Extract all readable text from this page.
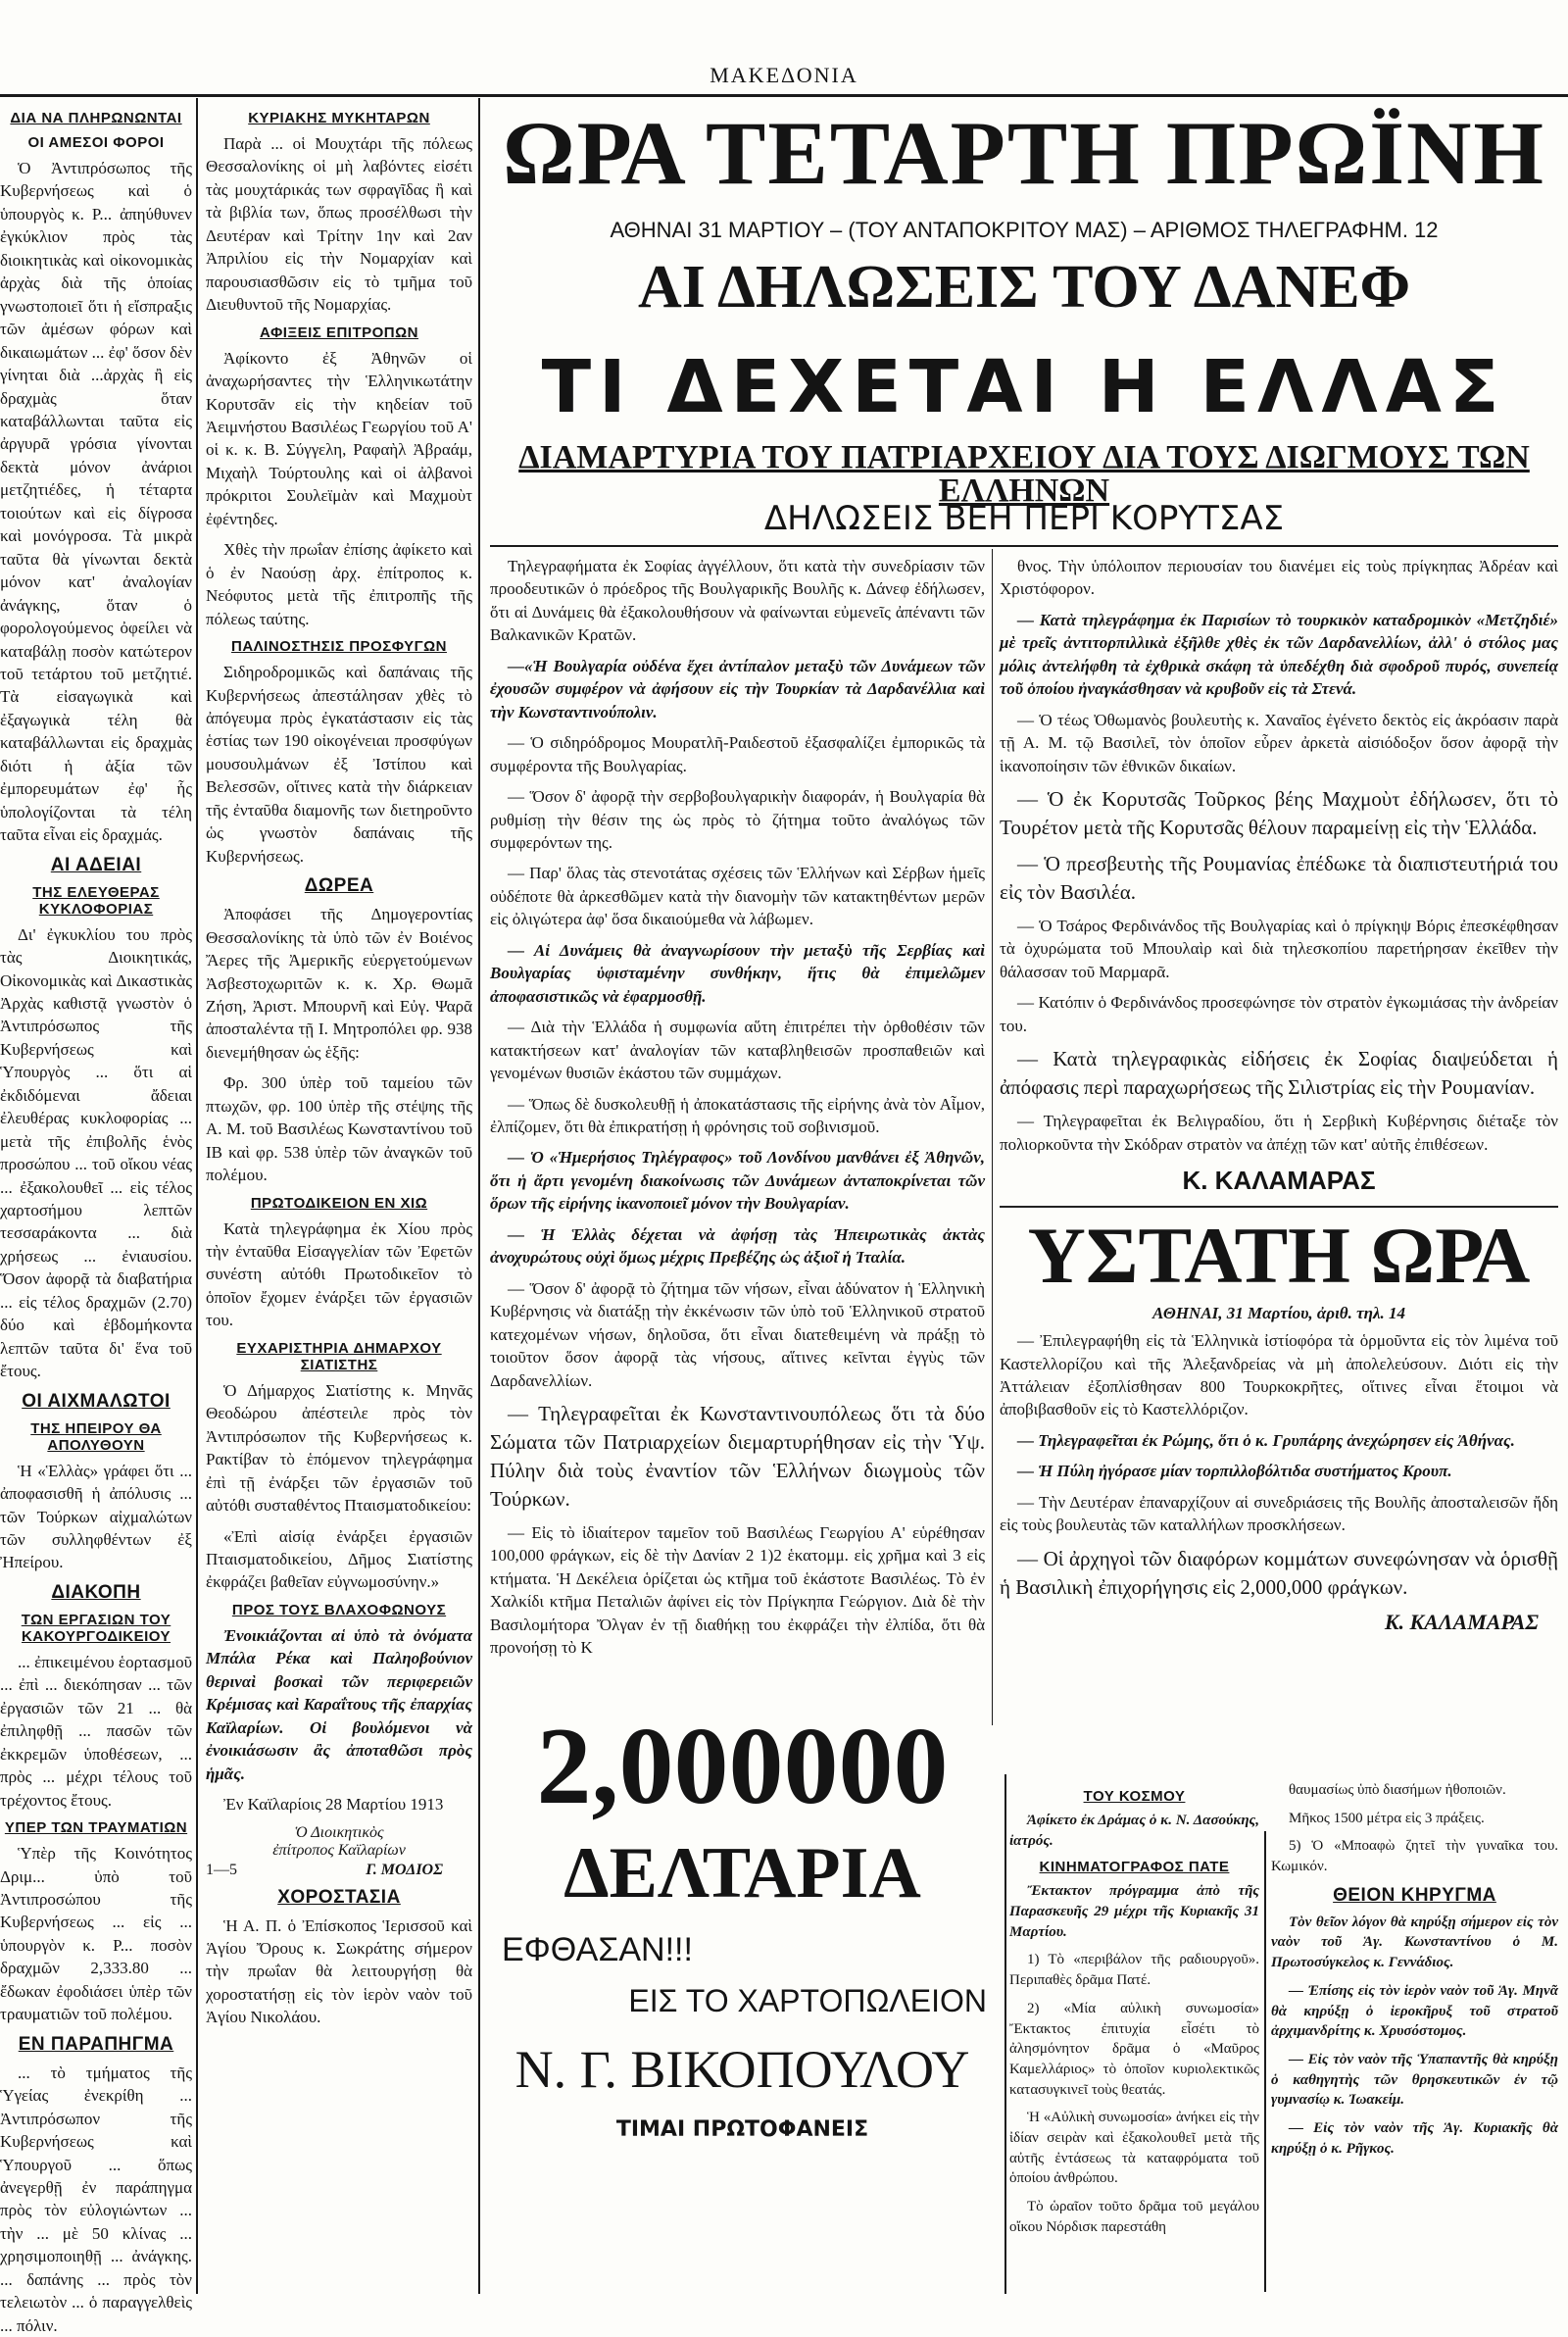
ΜΑΚΕΔΟΝΙΑ
ΔΙΑ ΝΑ ΠΛΗΡΩΝΩΝΤΑΙ
ΟΙ ΑΜΕΣΟΙ ΦΟΡΟΙ

Ὁ Ἀντιπρόσωπος τῆς Κυβερνήσεως καὶ ὁ ὑπουργὸς κ. Ρ... ἀπηύθυνεν ἐγκύκλιον πρὸς τὰς διοικητικὰς καὶ οἰκονομικὰς ἀρχὰς διὰ τῆς ὁποίας γνωστοποιεῖ ὅτι ἡ εἴσπραξις τῶν ἀμέσων φόρων καὶ δικαιωμάτων ... ἐφ' ὅσον δὲν γίνηται διὰ ...ἀρχὰς ἢ εἰς δραχμὰς ὅταν καταβάλλωνται ταῦτα εἰς ἀργυρᾶ γρόσια γίνονται δεκτὰ μόνον ἀνάριοι μετζητιέδες, ἡ τέταρτα τοιούτων καὶ εἰς δίγροσα καὶ μονόγροσα. Τὰ μικρὰ ταῦτα θὰ γίνωνται δεκτὰ μόνον κατ' ἀναλογίαν ἀνάγκης, ὅταν ὁ φορολογούμενος ὀφείλει νὰ καταβάλῃ ποσὸν κατώτερον τοῦ τετάρτου τοῦ μετζητιέ. Τὰ εἰσαγωγικὰ καὶ ἐξαγωγικὰ τέλη θὰ καταβάλλωνται εἰς δραχμὰς διότι ἡ ἀξία τῶν ἐμπορευμάτων ἐφ' ἧς ὑπολογίζονται τὰ τέλη ταῦτα εἶναι εἰς δραχμάς.

ΑΙ ΑΔΕΙΑΙ
ΤΗΣ ΕΛΕΥΘΕΡΑΣ ΚΥΚΛΟΦΟΡΙΑΣ

Δι' ἐγκυκλίου του πρὸς τὰς Διοικητικάς, Οἰκονομικὰς καὶ Δικαστικὰς Ἀρχὰς καθιστᾷ γνωστὸν ὁ Ἀντιπρόσωπος τῆς Κυβερνήσεως καὶ Ὑπουργὸς ... ὅτι αἱ ἐκδιδόμεναι ἄδειαι ἐλευθέρας κυκλοφορίας ... μετὰ τῆς ἐπιβολῆς ἑνὸς προσώπου ... τοῦ οἴκου νέας ... ἐξακολουθεῖ ... εἰς τέλος χαρτοσήμου λεπτῶν τεσσαράκοντα ... διὰ χρήσεως ... ἐνιαυσίου. Ὅσον ἀφορᾷ τὰ διαβατήρια ... εἰς τέλος δραχμῶν (2.70) δύο καὶ ἑβδομήκοντα λεπτῶν ταῦτα δι' ἕνα τοῦ ἔτους.

ΟΙ ΑΙΧΜΑΛΩΤΟΙ
ΤΗΣ ΗΠΕΙΡΟΥ ΘΑ ΑΠΟΛΥΘΟΥΝ

Ἡ «Ἑλλὰς» γράφει ὅτι ... ἀποφασισθῆ ἡ ἀπόλυσις ... τῶν Τούρκων αἰχμαλώτων τῶν συλληφθέντων ἐξ Ἠπείρου.

ΔΙΑΚΟΠΗ
ΤΩΝ ΕΡΓΑΣΙΩΝ ΤΟΥ ΚΑΚΟΥΡΓΟΔΙΚΕΙΟΥ

... ἐπικειμένου ἑορτασμοῦ ... ἐπὶ ... διεκόπησαν ... τῶν ἐργασιῶν τῶν 21 ... θὰ ἐπιληφθῇ ... πασῶν τῶν ἐκκρεμῶν ὑποθέσεων, ... πρὸς ... μέχρι τέλους τοῦ τρέχοντος ἔτους.

ΥΠΕΡ ΤΩΝ ΤΡΑΥΜΑΤΙΩΝ

Ὑπὲρ τῆς Κοινότητος Δριμ... ὑπὸ τοῦ Ἀντιπροσώπου τῆς Κυβερνήσεως ... εἰς ... ὑπουργὸν κ. Ρ... ποσὸν δραχμῶν 2,333.80 ... ἔδωκαν ἐφοδιάσει ὑπὲρ τῶν τραυματιῶν τοῦ πολέμου.

ΕΝ ΠΑΡΑΠΗΓΜΑ

... τὸ τμήματος τῆς Ὑγείας ἐνεκρίθη ... Ἀντιπρόσωπον τῆς Κυβερνήσεως καὶ Ὑπουργοῦ ... ὅπως ἀνεγερθῇ ἐν παράπηγμα πρὸς τὸν εὐλογιώντων ... τὴν ... μὲ 50 κλίνας ... χρησιμοποιηθῇ ... ἀνάγκης. ... δαπάνης ... πρὸς τὸν τελειωτὸν ... ὁ παραγγελθεὶς ... πόλιν.

ΚΥΡΙΑΚΗΣ ΜΥΚΗΤΑΡΩΝ

Παρὰ ... οἱ Μουχτάρι τῆς πόλεως Θεσσαλονίκης οἱ μὴ λαβόντες εἰσέτι τὰς μουχτάρικάς των σφραγῖδας ἢ καὶ τὰ βιβλία των, ὅπως προσέλθωσι τὴν Δευτέραν καὶ Τρίτην 1ην καὶ 2αν Ἀπριλίου εἰς τὴν Νομαρχίαν καὶ παρουσιασθῶσιν εἰς τὸ τμῆμα τοῦ Διευθυντοῦ τῆς Νομαρχίας.

ΑΦΙΞΕΙΣ ΕΠΙΤΡΟΠΩΝ

Ἀφίκοντο ἐξ Ἀθηνῶν οἱ ἀναχωρήσαντες τὴν Ἑλληνικωτάτην Κορυτσᾶν εἰς τὴν κηδείαν τοῦ Ἀειμνήστου Βασιλέως Γεωργίου τοῦ Α' οἱ κ. κ. Β. Σύγγελη, Ραφαὴλ Ἀβραάμ, Μιχαὴλ Τούρτουλης καὶ οἱ ἀλβανοὶ πρόκριτοι Σουλεϊμὰν καὶ Μαχμοὺτ ἐφέντηδες.

Χθὲς τὴν πρωΐαν ἐπίσης ἀφίκετο καὶ ὁ ἐν Ναούσῃ ἀρχ. ἐπίτροπος κ. Νεόφυτος μετὰ τῆς ἐπιτροπῆς τῆς πόλεως ταύτης.

ΠΑΛΙΝΟΣΤΗΣΙΣ ΠΡΟΣΦΥΓΩΝ

Σιδηροδρομικῶς καὶ δαπάναις τῆς Κυβερνήσεως ἀπεστάλησαν χθὲς τὸ ἀπόγευμα πρὸς ἐγκατάστασιν εἰς τὰς ἑστίας των 190 οἰκογένειαι προσφύγων μουσουλμάνων ἐξ Ἰστίπου καὶ Βελεσσῶν, οἵτινες κατὰ τὴν διάρκειαν τῆς ἐνταῦθα διαμονῆς των διετηροῦντο ὡς γνωστὸν δαπάναις τῆς Κυβερνήσεως.

ΔΩΡΕΑ

Ἀποφάσει τῆς Δημογεροντίας Θεσσαλονίκης τὰ ὑπὸ τῶν ἐν Βοιένος Ἄερες τῆς Ἀμερικῆς εὐεργετούμενων Ἀσβεστοχωριτῶν κ. κ. Χρ. Θωμᾶ Ζήση, Ἀριστ. Μπουρνῆ καὶ Εὐγ. Ψαρᾶ ἀποσταλέντα τῇ Ι. Μητροπόλει φρ. 938 διενεμήθησαν ὡς ἑξῆς:

Φρ. 300 ὑπὲρ τοῦ ταμείου τῶν πτωχῶν, φρ. 100 ὑπὲρ τῆς στέψης τῆς Α. Μ. τοῦ Βασιλέως Κωνσταντίνου τοῦ ΙΒ καὶ φρ. 538 ὑπὲρ τῶν ἀναγκῶν τοῦ πολέμου.

ΠΡΩΤΟΔΙΚΕΙΟΝ ΕΝ ΧΙΩ

Κατὰ τηλεγράφημα ἐκ Χίου πρὸς τὴν ἐνταῦθα Εἰσαγγελίαν τῶν Ἐφετῶν συνέστη αὐτόθι Πρωτοδικεῖον τὸ ὁποῖον ἔχομεν ἐνάρξει τῶν ἐργασιῶν του.

ΕΥΧΑΡΙΣΤΗΡΙΑ ΔΗΜΑΡΧΟΥ ΣΙΑΤΙΣΤΗΣ

Ὁ Δήμαρχος Σιατίστης κ. Μηνᾶς Θεοδώρου ἀπέστειλε πρὸς τὸν Ἀντιπρόσωπον τῆς Κυβερνήσεως κ. Ρακτίβαν τὸ ἑπόμενον τηλεγράφημα ἐπὶ τῇ ἐνάρξει τῶν ἐργασιῶν τοῦ αὐτόθι συσταθέντος Πταισματοδικείου:

«Ἐπὶ αἰσίᾳ ἐνάρξει ἐργασιῶν Πταισματοδικείου, Δῆμος Σιατίστης ἐκφράζει βαθεῖαν εὐγνωμοσύνην.»

ΠΡΟΣ ΤΟΥΣ ΒΛΑΧΟΦΩΝΟΥΣ

Ἐνοικιάζονται αἱ ὑπὸ τὰ ὀνόματα Μπάλα Ρέκα καὶ Παληοβούνιον θεριναὶ βοσκαὶ τῶν περιφερειῶν Κρέμισας καὶ Καραΐτους τῆς ἐπαρχίας Καϊλαρίων. Οἱ βουλόμενοι νὰ ἐνοικιάσωσιν ἂς ἀποταθῶσι πρὸς ἡμᾶς.

Ἐν Καϊλαρίοις 28 Μαρτίου 1913

Ὁ Διοικητικὸς
ἐπίτροπος Καϊλαρίων
1—5	Γ. ΜΟΔΙΟΣ
ΧΟΡΟΣΤΑΣΙΑ

Ἡ Α. Π. ὁ Ἐπίσκοπος Ἱερισσοῦ καὶ Ἁγίου Ὄρους κ. Σωκράτης σήμερον τὴν πρωΐαν θὰ λειτουργήσῃ θὰ χοροστατήσῃ εἰς τὸν ἱερὸν ναὸν τοῦ Ἁγίου Νικολάου.

ΩΡΑ ΤΕΤΑΡΤΗ ΠΡΩΪΝΗ
ΑΘΗΝΑΙ 31 ΜΑΡΤΙΟΥ – (ΤΟΥ ΑΝΤΑΠΟΚΡΙΤΟΥ ΜΑΣ) – ΑΡΙΘΜΟΣ ΤΗΛΕΓΡΑΦΗΜ. 12
ΑΙ ΔΗΛΩΣΕΙΣ ΤΟΥ ΔΑΝΕΦ
ΤΙ ΔΕΧΕΤΑΙ Η ΕΛΛΑΣ
ΔΙΑΜΑΡΤΥΡΙΑ ΤΟΥ ΠΑΤΡΙΑΡΧΕΙΟΥ ΔΙΑ ΤΟΥΣ ΔΙΩΓΜΟΥΣ ΤΩΝ ΕΛΛΗΝΩΝ
ΔΗΛΩΣΕΙΣ ΒΕΗ ΠΕΡΙ ΚΟΡΥΤΣΑΣ

Τηλεγραφήματα ἐκ Σοφίας ἀγγέλλουν, ὅτι κατὰ τὴν συνεδρίασιν τῶν προοδευτικῶν ὁ πρόεδρος τῆς Βουλγαρικῆς Βουλῆς κ. Δάνεφ ἐδήλωσεν, ὅτι αἱ Δυνάμεις θὰ ἐξακολουθήσουν νὰ φαίνωνται εὐμενεῖς ἀπέναντι τῶν Βαλκανικῶν Κρατῶν.

—«Ἡ Βουλγαρία οὐδένα ἔχει ἀντίπαλον μεταξὺ τῶν Δυνάμεων τῶν ἐχουσῶν συμφέρον νὰ ἀφήσουν εἰς τὴν Τουρκίαν τὰ Δαρδανέλλια καὶ τὴν Κωνσταντινούπολιν.

— Ὁ σιδηρόδρομος Μουρατλῆ-Ραιδεστοῦ ἐξασφαλίζει ἐμπορικῶς τὰ συμφέροντα τῆς Βουλγαρίας.

— Ὅσον δ' ἀφορᾷ τὴν σερβοβουλγαρικὴν διαφοράν, ἡ Βουλγαρία θὰ ρυθμίσῃ τὴν θέσιν της ὡς πρὸς τὸ ζήτημα τοῦτο ἀναλόγως τῶν συμφερόντων της.

— Παρ' ὅλας τὰς στενοτάτας σχέσεις τῶν Ἑλλήνων καὶ Σέρβων ἡμεῖς οὐδέποτε θὰ ἀρκεσθῶμεν κατὰ τὴν διανομὴν τῶν κατακτηθέντων μερῶν εἰς ὀλιγώτερα ἀφ' ὅσα δικαιούμεθα νὰ λάβωμεν.

— Αἱ Δυνάμεις θὰ ἀναγνωρίσουν τὴν μεταξὺ τῆς Σερβίας καὶ Βουλγαρίας ὑφισταμένην συνθήκην, ἥτις θὰ ἐπιμελῶμεν ἀποφασιστικῶς νὰ ἐφαρμοσθῇ.

— Διὰ τὴν Ἑλλάδα ἡ συμφωνία αὕτη ἐπιτρέπει τὴν ὀρθοθέσιν τῶν κατακτήσεων κατ' ἀναλογίαν τῶν καταβληθεισῶν προσπαθειῶν καὶ γενομένων θυσιῶν ἑκάστου τῶν συμμάχων.

— Ὅπως δὲ δυσκολευθῇ ἡ ἀποκατάστασις τῆς εἰρήνης ἀνὰ τὸν Αἶμον, ἐλπίζομεν, ὅτι θὰ ἐπικρατήσῃ ἡ φρόνησις τοῦ σοβινισμοῦ.

— Ὁ «Ἡμερήσιος Τηλέγραφος» τοῦ Λονδίνου μανθάνει ἐξ Ἀθηνῶν, ὅτι ἡ ἄρτι γενομένη διακοίνωσις τῶν Δυνάμεων ἀνταποκρίνεται τῶν ὅρων τῆς εἰρήνης ἱκανοποιεῖ μόνον τὴν Βουλγαρίαν.

— Ἡ Ἑλλὰς δέχεται νὰ ἀφήσῃ τὰς Ἠπειρωτικὰς ἀκτὰς ἀνοχυρώτους οὐχὶ ὅμως μέχρις Πρεβέζης ὡς ἀξιοῖ ἡ Ἰταλία.

— Ὅσον δ' ἀφορᾷ τὸ ζήτημα τῶν νήσων, εἶναι ἀδύνατον ἡ Ἑλληνικὴ Κυβέρνησις νὰ διατάξῃ τὴν ἐκκένωσιν τῶν ὑπὸ τοῦ Ἑλληνικοῦ στρατοῦ κατεχομένων νήσων, δηλοῦσα, ὅτι εἶναι διατεθειμένη νὰ πράξῃ τὸ τοιοῦτον ὅσον ἀφορᾷ τὰς νήσους, αἵτινες κεῖνται ἐγγὺς τῶν Δαρδανελλίων.

— Τηλεγραφεῖται ἐκ Κωνσταντινουπόλεως ὅτι τὰ δύο Σώματα τῶν Πατριαρχείων διεμαρτυρήθησαν εἰς τὴν Ὑψ. Πύλην διὰ τοὺς ἐναντίον τῶν Ἑλλήνων διωγμοὺς τῶν Τούρκων.

— Εἰς τὸ ἰδιαίτερον ταμεῖον τοῦ Βασιλέως Γεωργίου Α' εὑρέθησαν 100,000 φράγκων, εἰς δὲ τὴν Δανίαν 2 1)2 ἑκατομμ. εἰς χρῆμα καὶ 3 εἰς κτήματα. Ἡ Δεκέλεια ὁρίζεται ὡς κτῆμα τοῦ ἑκάστοτε Βασιλέως. Τὸ ἐν Χαλκίδι κτῆμα Πεταλιῶν ἀφίνει εἰς τὸν Πρίγκηπα Γεώργιον. Διὰ δὲ τὴν Βασιλομήτορα Ὄλγαν ἐν τῇ διαθήκῃ του ἐκφράζει τὴν ἐλπίδα, ὅτι θὰ προνοήσῃ τὸ Κ

θνος. Τὴν ὑπόλοιπον περιουσίαν του διανέμει εἰς τοὺς πρίγκηπας Ἀδρέαν καὶ Χριστόφορον.

— Κατὰ τηλεγράφημα ἐκ Παρισίων τὸ τουρκικὸν καταδρομικὸν «Μετζηδιέ» μὲ τρεῖς ἀντιτορπιλλικὰ ἐξῆλθε χθὲς ἐκ τῶν Δαρδανελλίων, ἀλλ' ὁ στόλος μας μόλις ἀντελήφθη τὰ ἐχθρικὰ σκάφη τὰ ὑπεδέχθη διὰ σφοδροῦ πυρός, συνεπείᾳ τοῦ ὁποίου ἠναγκάσθησαν νὰ κρυβοῦν εἰς τὰ Στενά.

— Ὁ τέως Ὀθωμανὸς βουλευτὴς κ. Χαναῖος ἐγένετο δεκτὸς εἰς ἀκρόασιν παρὰ τῇ Α. Μ. τῷ Βασιλεῖ, τὸν ὁποῖον εὗρεν ἀρκετὰ αἰσιόδοξον ὅσον ἀφορᾷ τὴν ἱκανοποίησιν τῶν ἐθνικῶν δικαίων.

— Ὁ ἐκ Κορυτσᾶς Τοῦρκος βέης Μαχμοὺτ ἐδήλωσεν, ὅτι τὸ Τουρέτον μετὰ τῆς Κορυτσᾶς θέλουν παραμείνῃ εἰς τὴν Ἑλλάδα.

— Ὁ πρεσβευτὴς τῆς Ρουμανίας ἐπέδωκε τὰ διαπιστευτήριά του εἰς τὸν Βασιλέα.

— Ὁ Τσάρος Φερδινάνδος τῆς Βουλγαρίας καὶ ὁ πρίγκηψ Βόρις ἐπεσκέφθησαν τὰ ὀχυρώματα τοῦ Μπουλαὶρ καὶ διὰ τηλεσκοπίου παρετήρησαν ἐκεῖθεν τὴν θάλασσαν τοῦ Μαρμαρᾶ.

— Κατόπιν ὁ Φερδινάνδος προσεφώνησε τὸν στρατὸν ἐγκωμιάσας τὴν ἀνδρείαν του.

— Κατὰ τηλεγραφικὰς εἰδήσεις ἐκ Σοφίας διαψεύδεται ἡ ἀπόφασις περὶ παραχωρήσεως τῆς Σιλιστρίας εἰς τὴν Ρουμανίαν.

— Τηλεγραφεῖται ἐκ Βελιγραδίου, ὅτι ἡ Σερβικὴ Κυβέρνησις διέταξε τὸν πολιορκοῦντα τὴν Σκόδραν στρατὸν να ἀπέχῃ τῶν κατ' αὐτῆς ἐπιθέσεων.

Κ. ΚΑΛΑΜΑΡΑΣ
ΥΣΤΑΤΗ ΩΡΑ
ΑΘΗΝΑΙ, 31 Μαρτίου, ἀριθ. τηλ. 14

— Ἐπιλεγραφήθη εἰς τὰ Ἑλληνικὰ ἰστίοφόρα τὰ ὁρμοῦντα εἰς τὸν λιμένα τοῦ Καστελλορίζου καὶ τῆς Ἀλεξανδρείας νὰ μὴ ἀπολελεύσουν. Διότι εἰς τὴν Ἀττάλειαν ἐξοπλίσθησαν 800 Τουρκοκρῆτες, οἵτινες εἶναι ἕτοιμοι νὰ ἀποβιβασθοῦν εἰς τὸ Καστελλόριζον.

— Τηλεγραφεῖται ἐκ Ρώμης, ὅτι ὁ κ. Γρυπάρης ἀνεχώρησεν εἰς Ἀθήνας.

— Ἡ Πύλη ἠγόρασε μίαν τορπιλλοβόλτιδα συστήματος Κρουπ.

— Τὴν Δευτέραν ἐπαναρχίζουν αἱ συνεδριάσεις τῆς Βουλῆς ἀποσταλεισῶν ἤδη εἰς τοὺς βουλευτὰς τῶν καταλλήλων προσκλήσεων.

— Οἱ ἀρχηγοὶ τῶν διαφόρων κομμάτων συνεφώνησαν νὰ ὁρισθῇ ἡ Βασιλικὴ ἐπιχορήγησις εἰς 2,000,000 φράγκων.

Κ. ΚΑΛΑΜΑΡΑΣ
2,000000
ΔΕΛΤΑΡΙΑ
ΕΦΘΑΣΑΝ!!!
ΕΙΣ ΤΟ ΧΑΡΤΟΠΩΛΕΙΟΝ
Ν. Γ. ΒΙΚΟΠΟΥΛΟΥ
ΤΙΜΑΙ ΠΡΩΤΟΦΑΝΕΙΣ
ΤΟΥ ΚΟΣΜΟΥ

Ἀφίκετο ἐκ Δράμας ὁ κ. Ν. Δασούκης, ἰατρός.

ΚΙΝΗΜΑΤΟΓΡΑΦΟΣ ΠΑΤΕ

Ἔκτακτον πρόγραμμα ἀπὸ τῆς Παρασκευῆς 29 μέχρι τῆς Κυριακῆς 31 Μαρτίου.

1) Τὸ «περιβάλον τῆς ραδιουργοῦ». Περιπαθὲς δρᾶμα Πατέ.

2) «Μία αὐλικὴ συνωμοσία» Ἔκτακτος ἐπιτυχία εἶσέτι τὸ ἀλησμόνητον δρᾶμα ὁ «Μαῦρος Καμελλάριος» τὸ ὁποῖον κυριολεκτικῶς κατασυγκινεῖ τοὺς θεατάς.

Ἡ «Αὐλικὴ συνωμοσία» ἀνήκει εἰς τὴν ἰδίαν σειρὰν καὶ ἐξακολουθεῖ μετὰ τῆς αὐτῆς ἐντάσεως τὰ καταφρόματα τοῦ ὁποίου ἀνθρώπου.

Τὸ ὡραῖον τοῦτο δρᾶμα τοῦ μεγάλου οἴκου Νόρδισκ παρεστάθη

θαυμασίως ὑπὸ διασήμων ἠθοποιῶν.

Μῆκος 1500 μέτρα εἰς 3 πράξεις.

5) Ὁ «Μποαφὼ ζητεῖ τὴν γυναῖκα του. Κωμικόν.

ΘΕΙΟΝ ΚΗΡΥΓΜΑ

Τὸν θεῖον λόγον θὰ κηρύξῃ σήμερον εἰς τὸν ναὸν τοῦ Ἁγ. Κωνσταντίνου ὁ Μ. Πρωτοσύγκελος κ. Γεννάδιος.

— Ἐπίσης εἰς τὸν ἱερὸν ναὸν τοῦ Ἁγ. Μηνᾶ θὰ κηρύξῃ ὁ ἱεροκῆρυξ τοῦ στρατοῦ ἀρχιμανδρίτης κ. Χρυσόστομος.

— Εἰς τὸν ναὸν τῆς Ὑπαπαντῆς θὰ κηρύξῃ ὁ καθηγητὴς τῶν θρησκευτικῶν ἐν τῷ γυμνασίῳ κ. Ἰωακείμ.

— Εἰς τὸν ναὸν τῆς Ἁγ. Κυριακῆς θὰ κηρύξῃ ὁ κ. Ρῆγκος.
